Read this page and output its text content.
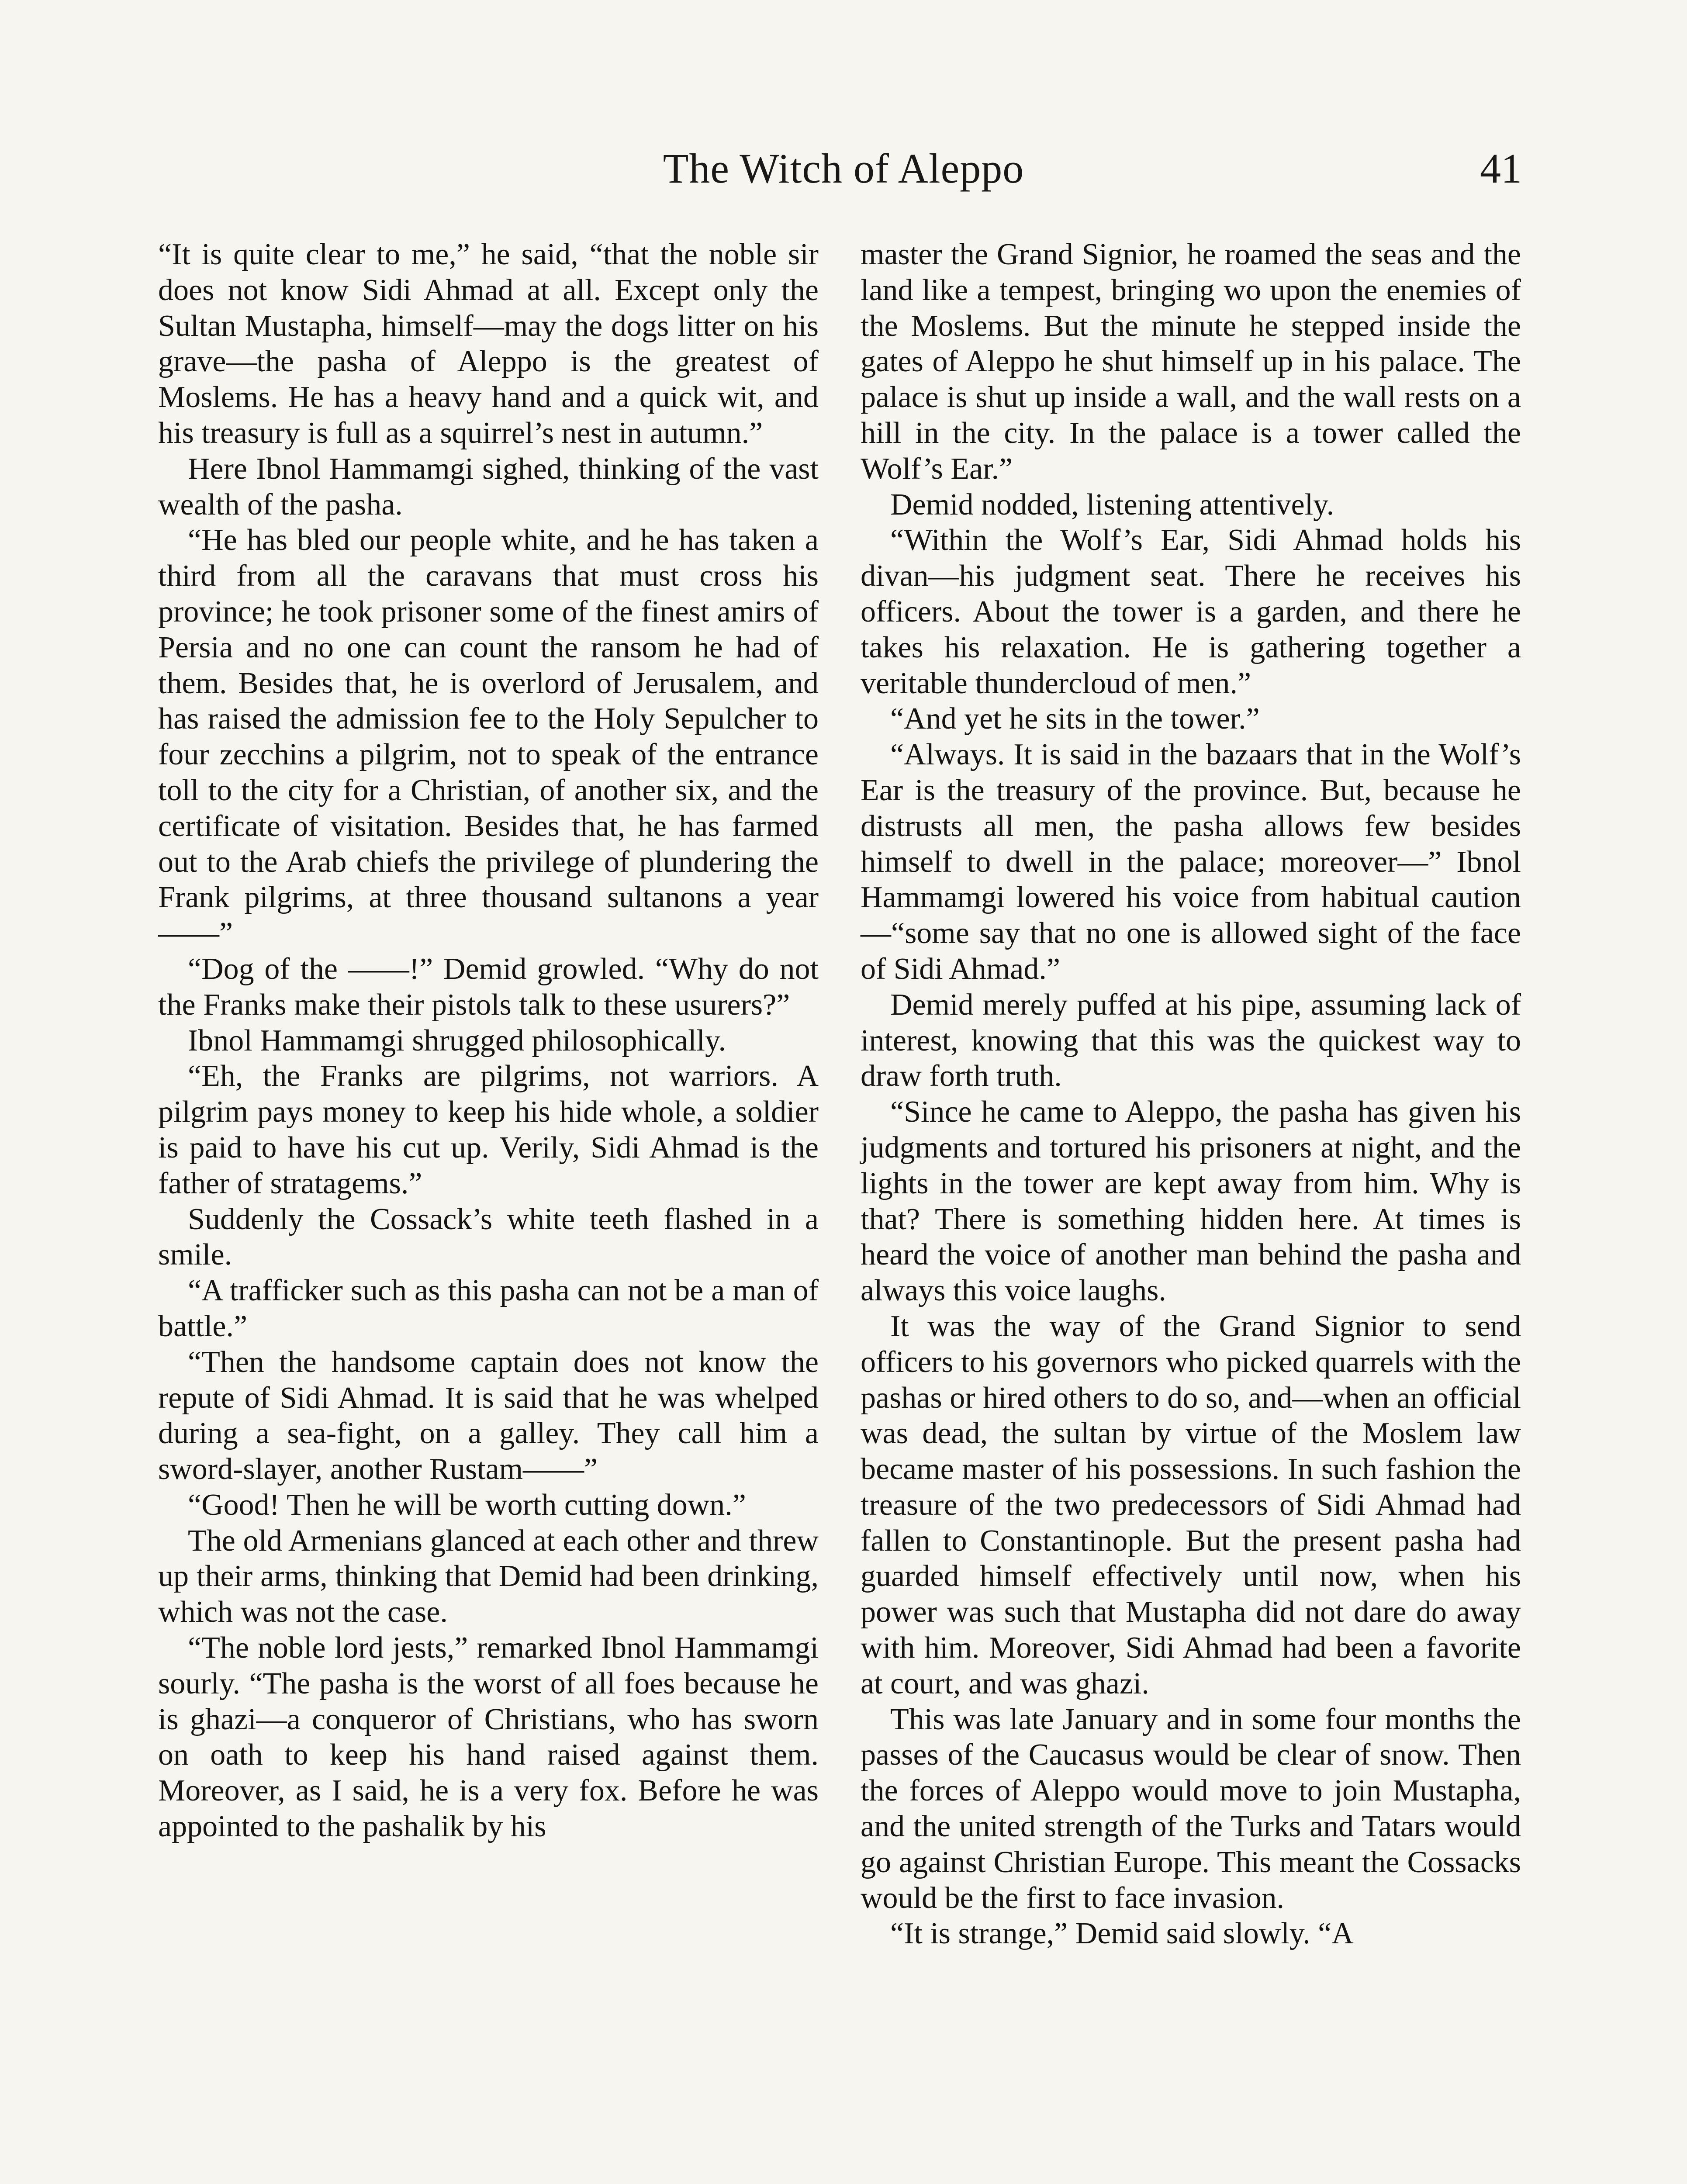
The Witch of Aleppo	41

“It is quite clear to me,” he said, “that the noble sir does not know Sidi Ahmad at all. Except only the Sultan Mustapha, himself—may the dogs litter on his grave—the pasha of Aleppo is the greatest of Moslems. He has a heavy hand and a quick wit, and his treasury is full as a squirrel’s nest in autumn.”

Here Ibnol Hammamgi sighed, thinking of the vast wealth of the pasha.

“He has bled our people white, and he has taken a third from all the caravans that must cross his province; he took prisoner some of the finest amirs of Persia and no one can count the ransom he had of them. Besides that, he is overlord of Jerusalem, and has raised the admission fee to the Holy Sepulcher to four zecchins a pilgrim, not to speak of the entrance toll to the city for a Christian, of another six, and the certificate of visitation. Besides that, he has farmed out to the Arab chiefs the privilege of plundering the Frank pilgrims, at three thousand sultanons a year——”

“Dog of the ——!” Demid growled. “Why do not the Franks make their pistols talk to these usurers?”

Ibnol Hammamgi shrugged philosophically.

“Eh, the Franks are pilgrims, not warriors. A pilgrim pays money to keep his hide whole, a soldier is paid to have his cut up. Verily, Sidi Ahmad is the father of stratagems.”

Suddenly the Cossack’s white teeth flashed in a smile.

“A trafficker such as this pasha can not be a man of battle.”

“Then the handsome captain does not know the repute of Sidi Ahmad. It is said that he was whelped during a sea-fight, on a galley. They call him a sword-slayer, another Rustam——”

“Good! Then he will be worth cutting down.”

The old Armenians glanced at each other and threw up their arms, thinking that Demid had been drinking, which was not the case.

“The noble lord jests,” remarked Ibnol Hammamgi sourly. “The pasha is the worst of all foes because he is ghazi—a conqueror of Christians, who has sworn on oath to keep his hand raised against them. Moreover, as I said, he is a very fox. Before he was appointed to the pashalik by his

master the Grand Signior, he roamed the seas and the land like a tempest, bringing wo upon the enemies of the Moslems. But the minute he stepped inside the gates of Aleppo he shut himself up in his palace. The palace is shut up inside a wall, and the wall rests on a hill in the city. In the palace is a tower called the Wolf’s Ear.”

Demid nodded, listening attentively.

“Within the Wolf’s Ear, Sidi Ahmad holds his divan—his judgment seat. There he receives his officers. About the tower is a garden, and there he takes his relaxation. He is gathering together a veritable thundercloud of men.”

“And yet he sits in the tower.”

“Always. It is said in the bazaars that in the Wolf’s Ear is the treasury of the province. But, because he distrusts all men, the pasha allows few besides himself to dwell in the palace; moreover—” Ibnol Hammamgi lowered his voice from habitual caution—“some say that no one is allowed sight of the face of Sidi Ahmad.”

Demid merely puffed at his pipe, assuming lack of interest, knowing that this was the quickest way to draw forth truth.

“Since he came to Aleppo, the pasha has given his judgments and tortured his prisoners at night, and the lights in the tower are kept away from him. Why is that? There is something hidden here. At times is heard the voice of another man behind the pasha and always this voice laughs.

It was the way of the Grand Signior to send officers to his governors who picked quarrels with the pashas or hired others to do so, and—when an official was dead, the sultan by virtue of the Moslem law became master of his possessions. In such fashion the treasure of the two predecessors of Sidi Ahmad had fallen to Constantinople. But the present pasha had guarded himself effectively until now, when his power was such that Mustapha did not dare do away with him. Moreover, Sidi Ahmad had been a favorite at court, and was ghazi.

This was late January and in some four months the passes of the Caucasus would be clear of snow. Then the forces of Aleppo would move to join Mustapha, and the united strength of the Turks and Tatars would go against Christian Europe. This meant the Cossacks would be the first to face invasion.

“It is strange,” Demid said slowly. “A
